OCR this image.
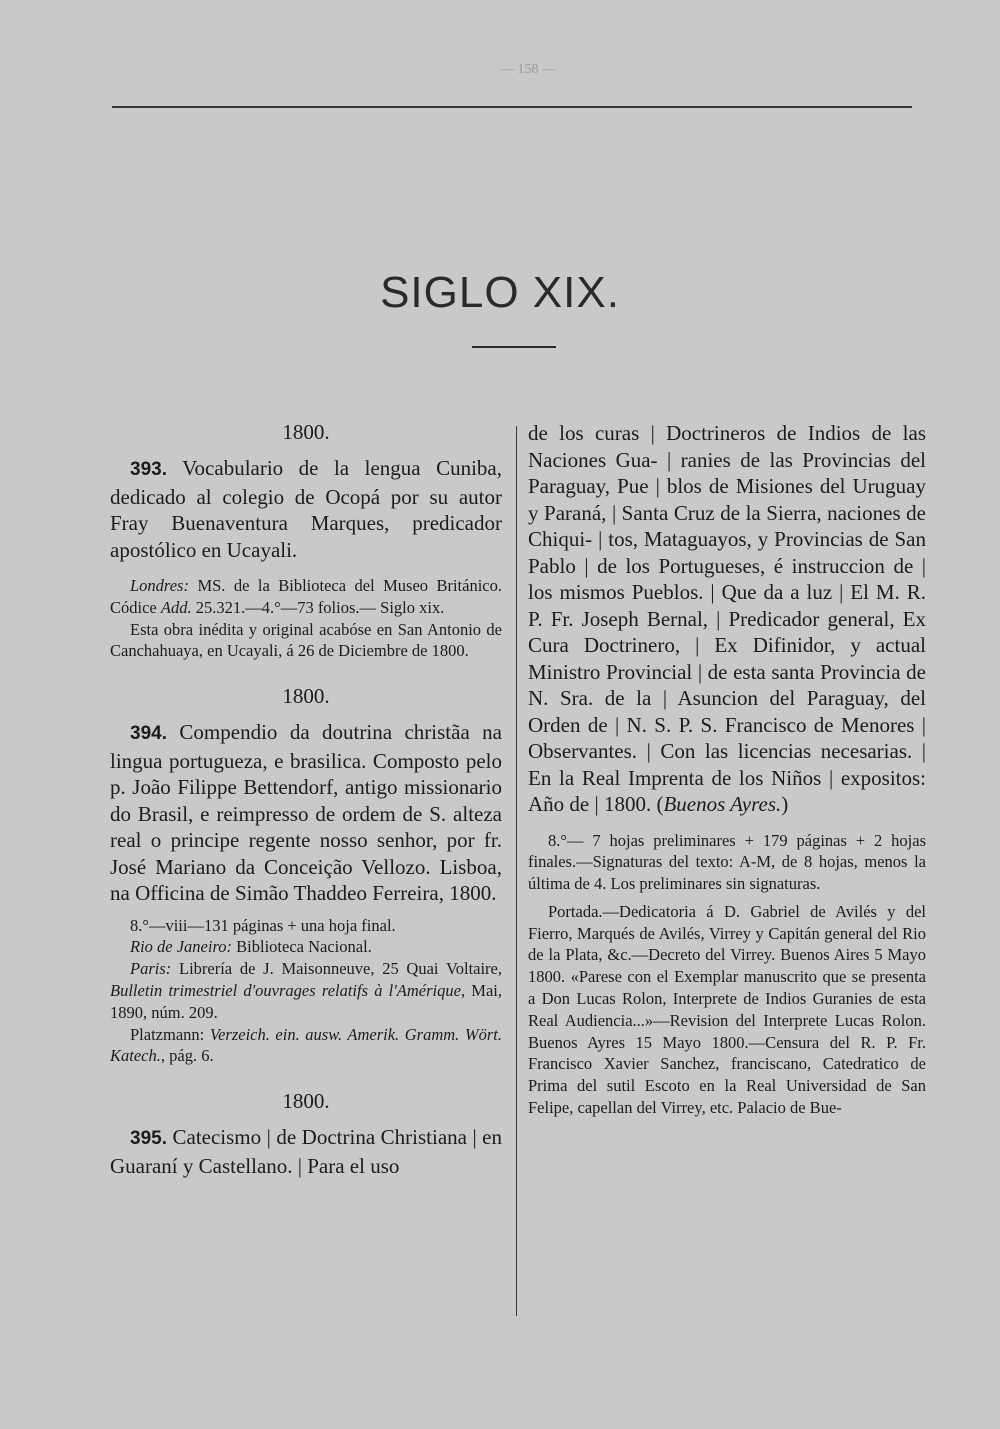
— 158 —
SIGLO XIX.

1800.

393. Vocabulario de la lengua Cuniba, dedicado al colegio de Ocopá por su autor Fray Buenaventura Marques, predicador apostólico en Ucayali.

Londres: MS. de la Biblioteca del Museo Británico. Códice Add. 25.321.—4.°—73 folios.— Siglo xix.

Esta obra inédita y original acabóse en San Antonio de Canchahuaya, en Ucayali, á 26 de Diciembre de 1800.

1800.

394. Compendio da doutrina christãa na lingua portugueza, e brasilica. Composto pelo p. João Filippe Bettendorf, antigo missionario do Brasil, e reimpresso de ordem de S. altezа real o principe regente nosso senhor, por fr. José Mariano da Conceição Vellozo. Lisboa, na Officina de Simão Thaddeo Ferreira, 1800.

8.°—viii—131 páginas + una hoja final.

Rio de Janeiro: Biblioteca Nacional.

Paris: Librería de J. Maisonneuve, 25 Quai Voltaire, Bulletin trimestriel d'ouvrages relatifs à l'Amérique, Mai, 1890, núm. 209.

Platzmann: Verzeich. ein. ausw. Amerik. Gramm. Wört. Katech., pág. 6.

1800.

395. Catecismo | de Doctrina Christiana | en Guaraní y Castellano. | Para el uso

de los curas | Doctrineros de Indios de las Naciones Gua- | ranies de las Provincias del Paraguay, Pue | blos de Misiones del Uruguay y Paraná, | Santa Cruz de la Sierra, naciones de Chiqui- | tos, Mataguayos, y Provincias de San Pablo | de los Portugueses, é instruccion de | los mismos Pueblos. | Que da a luz | El M. R. P. Fr. Joseph Bernal, | Predicador general, Ex Cura Doctrinero, | Ex Difinidor, y actual Ministro Provincial | de esta santa Provincia de N. Sra. de la | Asuncion del Paraguay, del Orden de | N. S. P. S. Francisco de Menores | Observantes. | Con las licencias necesarias. | En la Real Imprenta de los Niños | expositos: Año de | 1800. (Buenos Ayres.)

8.°— 7 hojas preliminares + 179 páginas + 2 hojas finales.—Signaturas del texto: A-M, de 8 hojas, menos la última de 4. Los preliminares sin signaturas.

Portada.—Dedicatoria á D. Gabriel de Avilés y del Fierro, Marqués de Avilés, Virrey y Capitán general del Rio de la Plata, &c.—Decreto del Virrey. Buenos Aires 5 Mayo 1800. «Parese con el Exemplar manuscrito que se presenta a Don Lucas Rolon, Interprete de Indios Guranies de esta Real Audiencia...»—Revision del Interprete Lucas Rolon. Buenos Ayres 15 Mayo 1800.—Censura del R. P. Fr. Francisco Xavier Sanchez, franciscano, Catedratico de Prima del sutil Escoto en la Real Universidad de San Felipe, capellan del Virrey, etc. Palacio de Bue-
